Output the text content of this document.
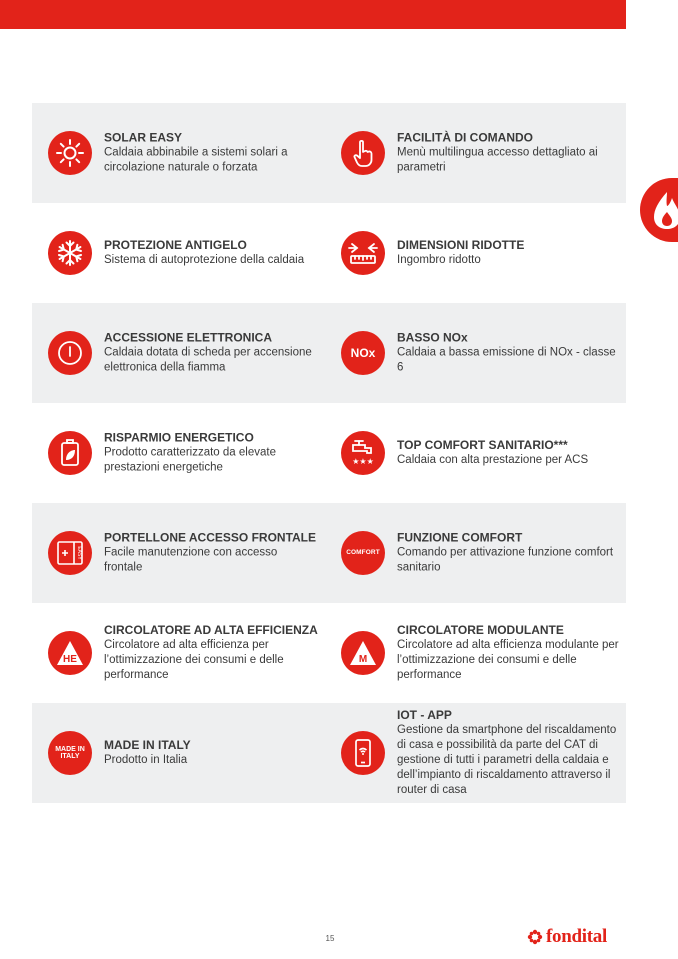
SOLAR EASY

Caldaia abbinabile a sistemi solari a circolazione naturale o forzata

FACILITÀ DI COMANDO

Menù multilingua accesso dettagliato ai parametri

PROTEZIONE ANTIGELO

Sistema di autoprotezione della caldaia

DIMENSIONI RIDOTTE

Ingombro ridotto

ACCESSIONE ELETTRONICA

Caldaia dotata di scheda per accensione elettronica della fiamma

NOx

BASSO NOx

Caldaia a bassa emissione di NOx - classe 6

RISPARMIO ENERGETICO

Prodotto caratterizzato da elevate prestazioni energetiche	★★★

TOP COMFORT SANITARIO***

Caldaia con alta prestazione per ACS

EASY

PORTELLONE ACCESSO FRONTALE

Facile manutenzione con accesso frontale

COMFORT

FUNZIONE COMFORT

Comando per attivazione funzione comfort sanitario

HE

CIRCOLATORE AD ALTA EFFICIENZA

Circolatore ad alta efficienza per l’ottimizzazione dei consumi e delle performance

M

CIRCOLATORE MODULANTE

Circolatore ad alta efficienza modulante per l’ottimizzazione dei consumi e delle performance

MADE IN ITALY

MADE IN ITALY

Prodotto in Italia

IOT - APP

Gestione da smartphone del riscaldamento di casa e possibilità da parte del CAT di gestione di tutti i parametri della caldaia e dell’impianto di riscaldamento attraverso il router di casa

15	fondital
